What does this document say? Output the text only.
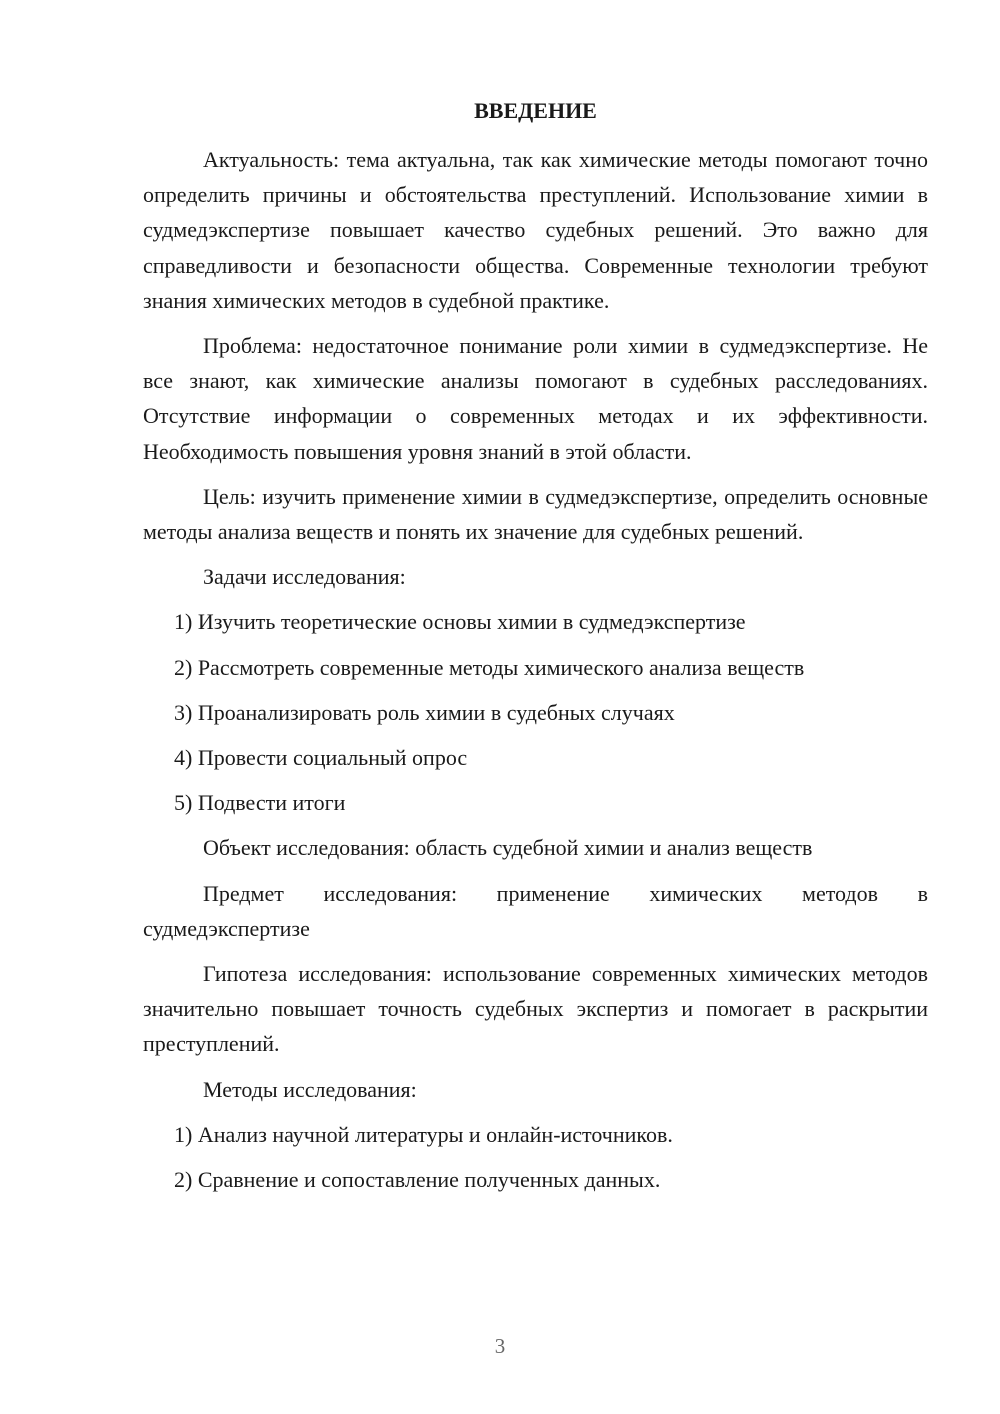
ВВЕДЕНИЕ

Актуальность: тема актуальна, так как химические методы помогают точно определить причины и обстоятельства преступлений. Использование химии в судмедэкспертизе повышает качество судебных решений. Это важно для справедливости и безопасности общества. Современные технологии требуют знания химических методов в судебной практике.

Проблема: недостаточное понимание роли химии в судмедэкспертизе. Не все знают, как химические анализы помогают в судебных расследованиях. Отсутствие информации о современных методах и их эффективности. Необходимость повышения уровня знаний в этой области.

Цель: изучить применение химии в судмедэкспертизе, определить основные методы анализа веществ и понять их значение для судебных решений.

Задачи исследования:

1) Изучить теоретические основы химии в судмедэкспертизе

2) Рассмотреть современные методы химического анализа веществ

3) Проанализировать роль химии в судебных случаях

4) Провести социальный опрос

5) Подвести итоги

Объект исследования: область судебной химии и анализ веществ

Предмет исследования: применение химических методов в судмедэкспертизе

Гипотеза исследования: использование современных химических методов значительно повышает точность судебных экспертиз и помогает в раскрытии преступлений.

Методы исследования:

1) Анализ научной литературы и онлайн-источников.

2) Сравнение и сопоставление полученных данных.

3
